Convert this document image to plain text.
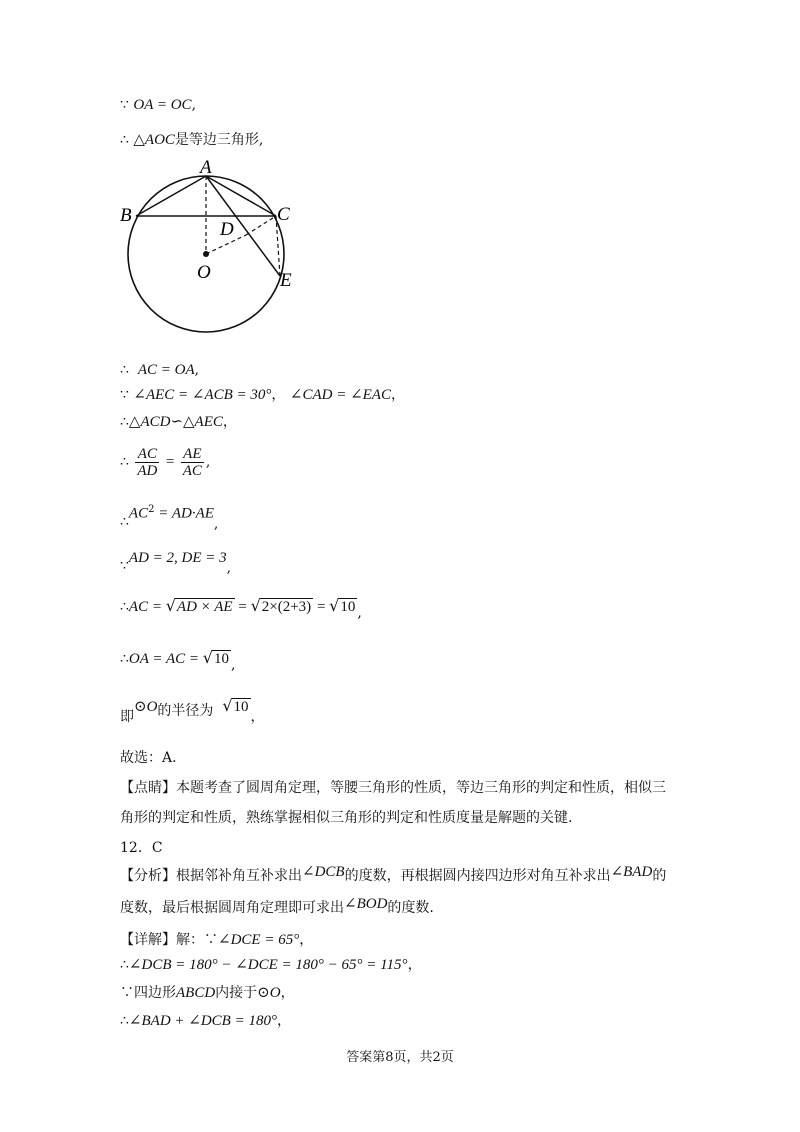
∵ OA = OC,
∴ △AOC是等边三角形,
A
B	C
D
O	E
∴ AC = OA,
∵ ∠AEC = ∠ACB = 30°， ∠CAD = ∠EAC，
∴△ACD∽△AEC，
∴ $\frac{AC}{AD} = \frac{AE}{AC}$ ,
$\therefore AC^2 = AD\cdot AE$,
∵AD = 2, DE = 3,
∴AC = √AD × AE = √2×(2+3) = √10 ,
∴OA = AC = √10 ,
即⊙O的半径为 √10，
故选：A．
【点睛】本题考查了圆周角定理，等腰三角形的性质，等边三角形的判定和性质，相似三
角形的判定和性质，熟练掌握相似三角形的判定和性质度量是解题的关键.
12．C
【分析】根据邻补角互补求出∠DCB的度数，再根据圆内接四边形对角互补求出∠BAD的
度数，最后根据圆周角定理即可求出∠BOD的度数.
【详解】解：∵∠DCE = 65°，
∴∠DCB = 180° − ∠DCE = 180° − 65° = 115°，
∵四边形ABCD内接于⊙O，
∴∠BAD + ∠DCB = 180°，
答案第8页，共2页
